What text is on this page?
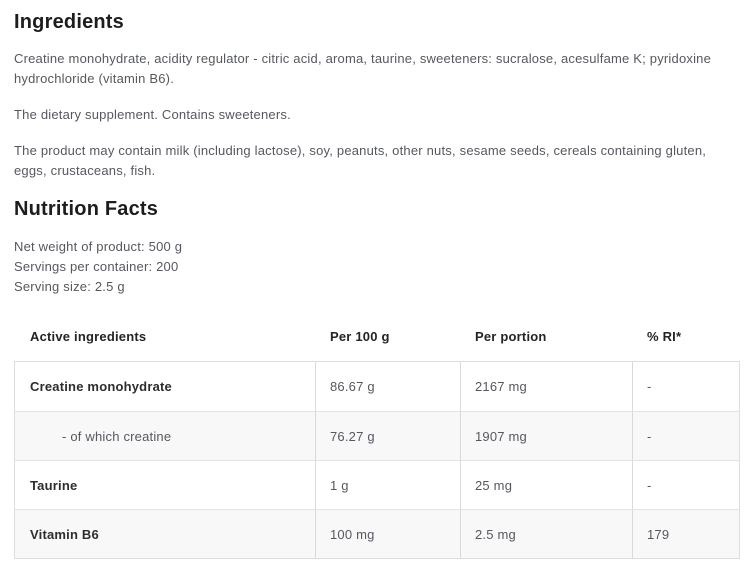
Ingredients

Creatine monohydrate, acidity regulator - citric acid, aroma, taurine, sweeteners: sucralose, acesulfame K; pyridoxine hydrochloride (vitamin B6).

The dietary supplement. Contains sweeteners.

The product may contain milk (including lactose), soy, peanuts, other nuts, sesame seeds, cereals containing gluten, eggs, crustaceans, fish.

Nutrition Facts

Net weight of product: 500 g

Servings per container: 200

Serving size: 2.5 g

Active ingredients	Per 100 g	Per portion	% RI*
Creatine monohydrate	86.67 g	2167 mg	-
- of which creatine	76.27 g	1907 mg	-
Taurine	1 g	25 mg	-
Vitamin B6	100 mg	2.5 mg	179
